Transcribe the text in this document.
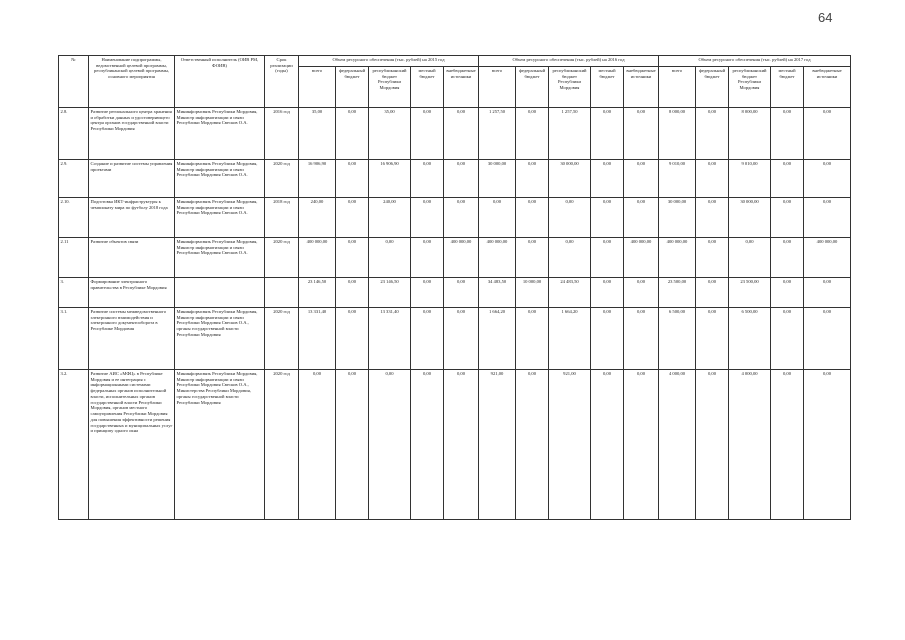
64
№	Наименование подпрограммы, ведомственной целевой программы, республиканской целевой программы, основного мероприятия	Ответственный исполнитель (ОИВ РМ, ФОИВ)	Срок реализации (годы)	Объем ресурсного обеспечения (тыс. рублей) на 2015 год					Объем ресурсного обеспечения (тыс. рублей) на 2016 год					Объем ресурсного обеспечения (тыс. рублей) на 2017 год				
				всего	федеральный бюджет	республиканский бюджет Республики Мордовия	местный бюджет	внебюджетные источники	всего	федеральный бюджет	республиканский бюджет Республики Мордовия	местный бюджет	внебюджетные источники	всего	федеральный бюджет	республиканский бюджет Республики Мордовия	местный бюджет	внебюджетные источники
2.8.	Развитие регионального центра хранения и обработки данных и удостоверяющего центра органов государственной власти Республики Мордовия	Мининформсвязь Республики Мордовия, Министр информатизации и связи Республики Мордовия Свесков О.А.	2016 год	35,00	0,00	35,00	0,00	0,00	1 257,50	0,00	1 257,50	0,00	0,00	8 000,00	0,00	8 000,00	0,00	0,00
2.9.	Создание и развитие системы управления проектами	Мининформсвязь Республики Мордовия, Министр информатизации и связи Республики Мордовия Свесков О.А.	2020 год	16 906,90	0,00	16 906,90	0,00	0,00	30 000,00	0,00	30 000,00	0,00	0,00	9 010,00	0,00	9 010,00	0,00	0,00
2.10.	Подготовка ИКТ-инфраструктуры к чемпионату мира по футболу 2018 года	Мининформсвязь Республики Мордовия, Министр информатизации и связи Республики Мордовия Свесков О.А.	2018 год	240,00	0,00	240,00	0,00	0,00	0,00	0,00	0,00	0,00	0,00	30 000,00	0,00	30 000,00	0,00	0,00
2.11	Развитие объектов связи	Мининформсвязь Республики Мордовия, Министр информатизации и связи Республики Мордовия Свесков О.А.	2020 год	400 000,00	0,00	0,00	0,00	400 000,00	400 000,00	0,00	0,00	0,00	400 000,00	400 000,00	0,00	0,00	0,00	400 000,00
3.	Формирование электронного правительства в Республике Мордовия			23 146,50	0,00	23 146,50	0,00	0,00	34 483,50	10 000,00	24 483,50	0,00	0,00	23 500,00	0,00	23 500,00	0,00	0,00
3.1.	Развитие системы межведомственного электронного взаимодействия и электронного документооборота в Республике Мордовия	Мининформсвязь Республики Мордовия, Министр информатизации и связи Республики Мордовия Свесков О.А., органы государственной власти Республики Мордовия	2020 год	13 331,40	0,00	13 331,40	0,00	0,00	1 664,20	0,00	1 664,20	0,00	0,00	6 500,00	0,00	6 500,00	0,00	0,00
3.2.	Развитие АИС «МФЦ» в Республике Мордовия и ее интеграция с информационными системами федеральных органов исполнительной власти, исполнительных органов государственной власти Республики Мордовия, органов местного самоуправления Республики Мордовия для повышения эффективности решения государственных и муниципальных услуг и принципу одного окна	Мининформсвязь Республики Мордовия, Министр информатизации и связи Республики Мордовия Свесков О.А., Министерства Республики Мордовия, органы государственной власти Республики Мордовия	2020 год	0,00	0,00	0,00	0,00	0,00	921,00	0,00	921,00	0,00	0,00	4 000,00	0,00	4 000,00	0,00	0,00
